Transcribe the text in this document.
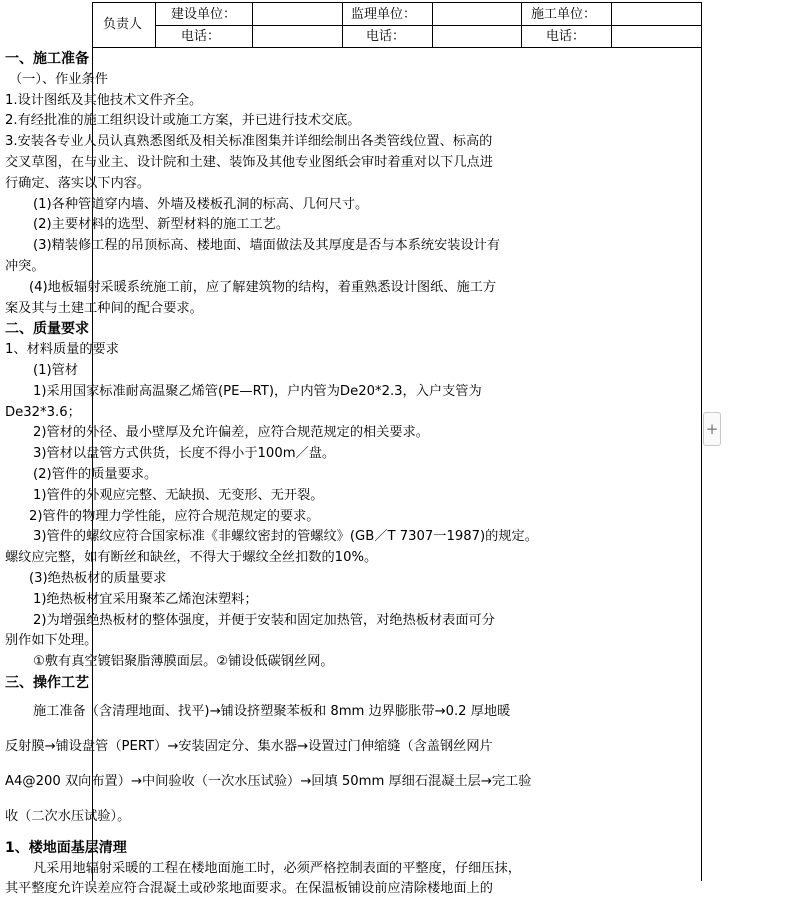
负责人
建设单位：	监理单位：	施工单位：
电话：	电话：	电话：
一、施工准备
（一）、作业条件
1.设计图纸及其他技术文件齐全。
2.有经批准的施工组织设计或施工方案，并已进行技术交底。
3.安装各专业人员认真熟悉图纸及相关标准图集并详细绘制出各类管线位置、标高的
交叉草图，在与业主、设计院和土建、装饰及其他专业图纸会审时着重对以下几点进
行确定、落实以下内容。
(1)各种管道穿内墙、外墙及楼板孔洞的标高、几何尺寸。
(2)主要材料的选型、新型材料的施工工艺。
(3)精装修工程的吊顶标高、楼地面、墙面做法及其厚度是否与本系统安装设计有
冲突。
(4)地板辐射采暖系统施工前，应了解建筑物的结构，着重熟悉设计图纸、施工方
案及其与土建工种间的配合要求。
二、质量要求
1、材料质量的要求
(1)管材
1)采用国家标准耐高温聚乙烯管(PE—RT)，户内管为De20*2.3，入户支管为
De32*3.6；
2)管材的外径、最小壁厚及允许偏差，应符合规范规定的相关要求。
3)管材以盘管方式供货，长度不得小于100m／盘。
(2)管件的质量要求。
1)管件的外观应完整、无缺损、无变形、无开裂。
2)管件的物理力学性能，应符合规范规定的要求。
3)管件的螺纹应符合国家标准《非螺纹密封的管螺纹》(GB／T 7307一1987)的规定。
螺纹应完整，如有断丝和缺丝，不得大于螺纹全丝扣数的10%。
(3)绝热板材的质量要求
1)绝热板材宜采用聚苯乙烯泡沫塑料；
2)为增强绝热板材的整体强度，并便于安装和固定加热管，对绝热板材表面可分
别作如下处理。
①敷有真空镀铝聚脂薄膜面层。②铺设低碳钢丝网。
三、操作工艺
施工准备（含清理地面、找平)→铺设挤塑聚苯板和 8mm 边界膨胀带→0.2 厚地暖
反射膜→铺设盘管（PERT）→安装固定分、集水器→设置过门伸缩缝（含盖钢丝网片
A4@200 双向布置）→中间验收（一次水压试验）→回填 50mm 厚细石混凝土层→完工验
收（二次水压试验）。
1、楼地面基层清理
凡采用地辐射采暖的工程在楼地面施工时，必须严格控制表面的平整度，仔细压抹，
其平整度允许误差应符合混凝土或砂浆地面要求。在保温板铺设前应清除楼地面上的
+
